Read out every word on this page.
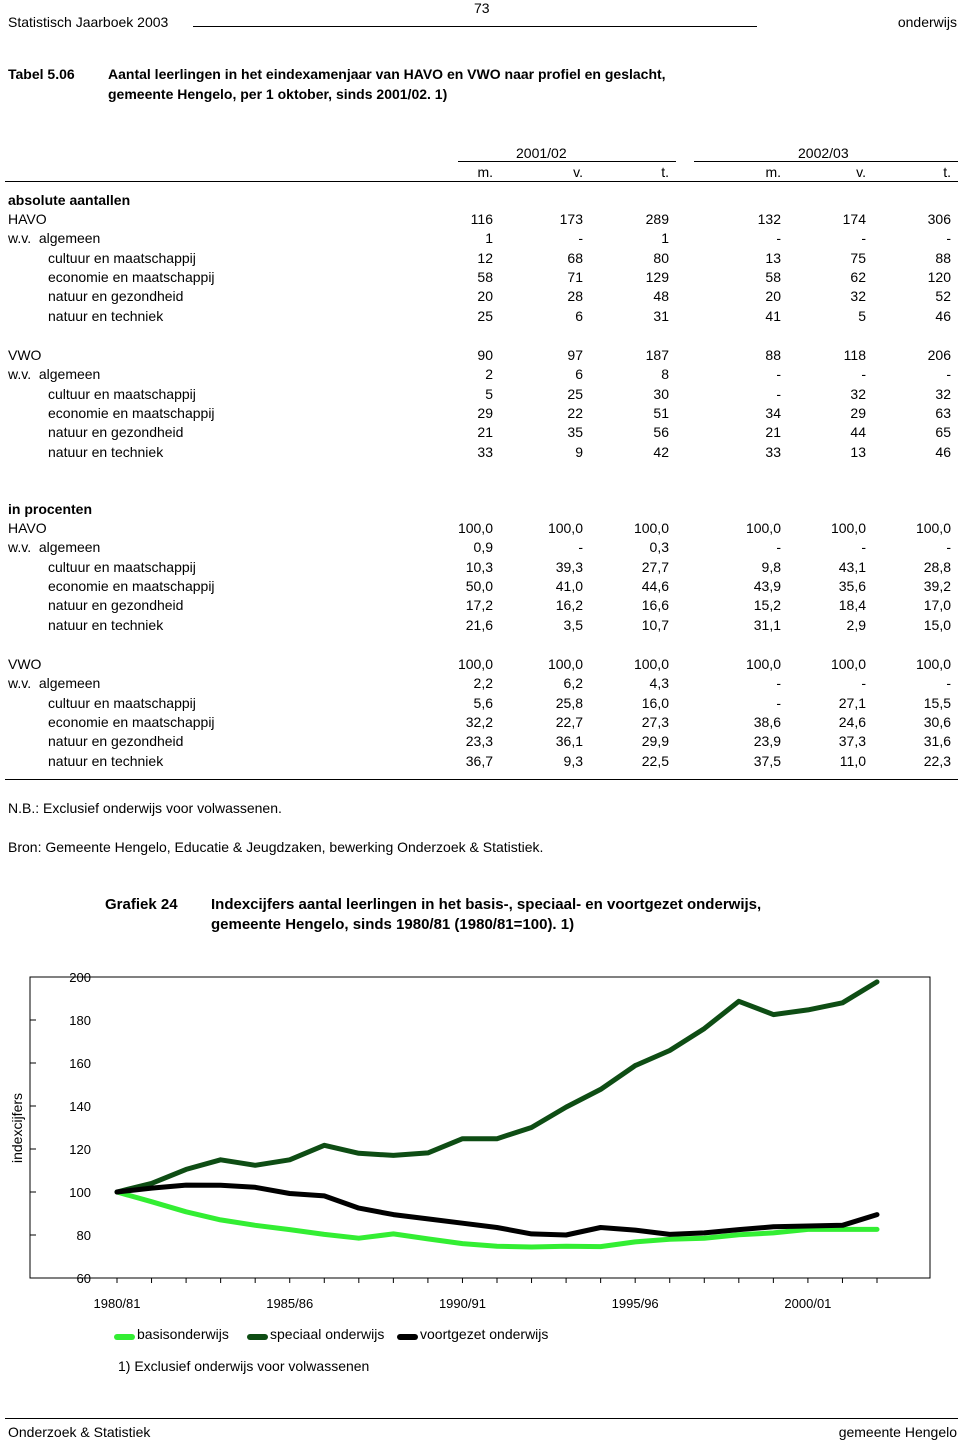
Statistisch Jaarboek 2003
73
onderwijs
Tabel 5.06 Aantal leerlingen in het eindexamenjaar van HAVO en VWO naar profiel en geslacht,
gemeente Hengelo, per 1 oktober, sinds 2001/02. 1)
2001/02	2002/03
m.	v.	t.	m.	v.	t.
absolute aantallen
HAVO	116	173	289	132	174	306
w.v.  algemeen	1	-	1	-	-	-
cultuur en maatschappij	12	68	80	13	75	88
economie en maatschappij	58	71	129	58	62	120
natuur en gezondheid	20	28	48	20	32	52
natuur en techniek	25	6	31	41	5	46
VWO	90	97	187	88	118	206
w.v.  algemeen	2	6	8	-	-	-
cultuur en maatschappij	5	25	30	-	32	32
economie en maatschappij	29	22	51	34	29	63
natuur en gezondheid	21	35	56	21	44	65
natuur en techniek	33	9	42	33	13	46
in procenten
HAVO	100,0	100,0	100,0	100,0	100,0	100,0
w.v.  algemeen	0,9	-	0,3	-	-	-
cultuur en maatschappij	10,3	39,3	27,7	9,8	43,1	28,8
economie en maatschappij	50,0	41,0	44,6	43,9	35,6	39,2
natuur en gezondheid	17,2	16,2	16,6	15,2	18,4	17,0
natuur en techniek	21,6	3,5	10,7	31,1	2,9	15,0
VWO	100,0	100,0	100,0	100,0	100,0	100,0
w.v.  algemeen	2,2	6,2	4,3	-	-	-
cultuur en maatschappij	5,6	25,8	16,0	-	27,1	15,5
economie en maatschappij	32,2	22,7	27,3	38,6	24,6	30,6
natuur en gezondheid	23,3	36,1	29,9	23,9	37,3	31,6
natuur en techniek	36,7	9,3	22,5	37,5	11,0	22,3
N.B.: Exclusief onderwijs voor volwassenen.
Bron: Gemeente Hengelo, Educatie & Jeugdzaken, bewerking Onderzoek & Statistiek.
Grafiek 24 Indexcijfers aantal leerlingen in het basis-, speciaal- en voortgezet onderwijs,
gemeente Hengelo, sinds 1980/81 (1980/81=100). 1)
200
180
160
140
120
100
80
60
1980/81	1985/86	1990/91	1995/96	2000/01
indexcijfers
basisonderwijs	speciaal onderwijs	voortgezet onderwijs
1) Exclusief onderwijs voor volwassenen
Onderzoek & Statistiek	gemeente Hengelo
